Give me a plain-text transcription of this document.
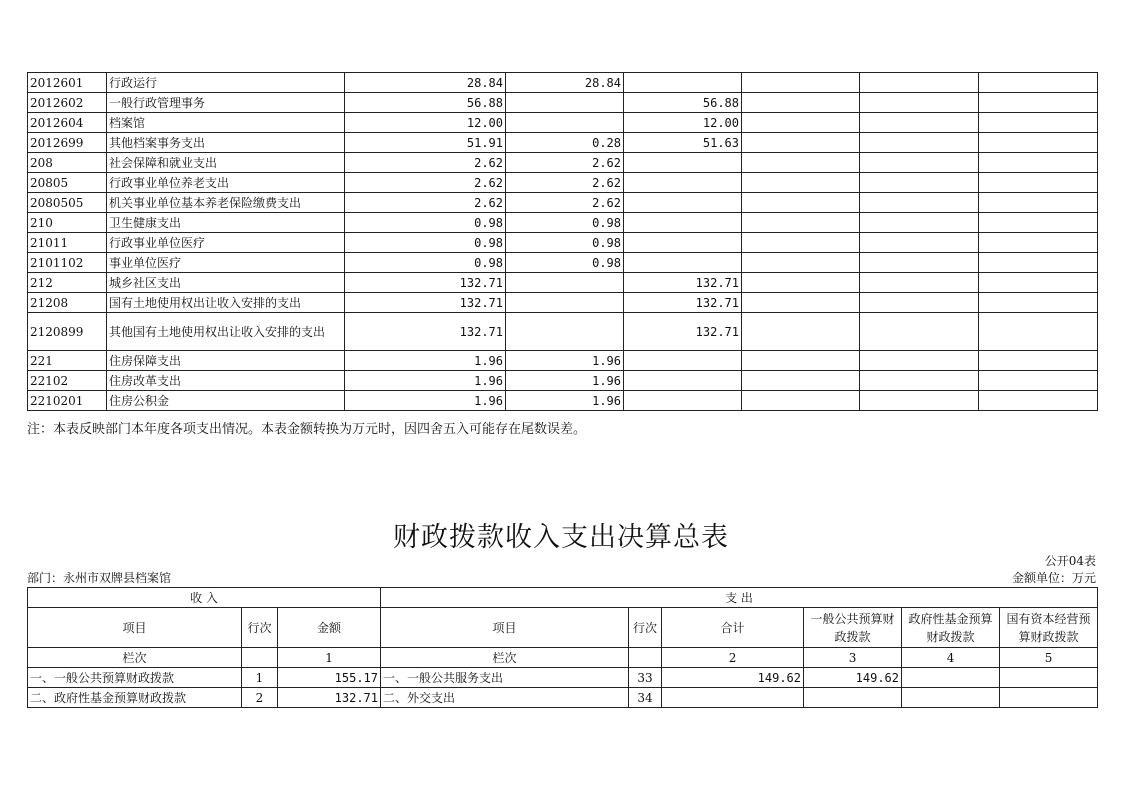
2012601	行政运行	28.84	28.84				
2012602	一般行政管理事务	56.88		56.88			
2012604	档案馆	12.00		12.00			
2012699	其他档案事务支出	51.91	0.28	51.63			
208	社会保障和就业支出	2.62	2.62				
20805	行政事业单位养老支出	2.62	2.62				
2080505	机关事业单位基本养老保险缴费支出	2.62	2.62				
210	卫生健康支出	0.98	0.98				
21011	行政事业单位医疗	0.98	0.98				
2101102	事业单位医疗	0.98	0.98				
212	城乡社区支出	132.71		132.71			
21208	国有土地使用权出让收入安排的支出	132.71		132.71			
2120899	其他国有土地使用权出让收入安排的支出	132.71		132.71			
221	住房保障支出	1.96	1.96				
22102	住房改革支出	1.96	1.96				
2210201	住房公积金	1.96	1.96				
注：本表反映部门本年度各项支出情况。本表金额转换为万元时，因四舍五入可能存在尾数误差。
财政拨款收入支出决算总表
公开04表
部门：永州市双牌县档案馆	金额单位：万元
收 入			支 出					
项目	行次	金额	项目	行次	合计	一般公共预算财政拨款	政府性基金预算财政拨款	国有资本经营预算财政拨款
栏次		1	栏次		2	3	4	5
一、一般公共预算财政拨款	1	155.17	一、一般公共服务支出	33	149.62	149.62		
二、政府性基金预算财政拨款	2	132.71	二、外交支出	34				
